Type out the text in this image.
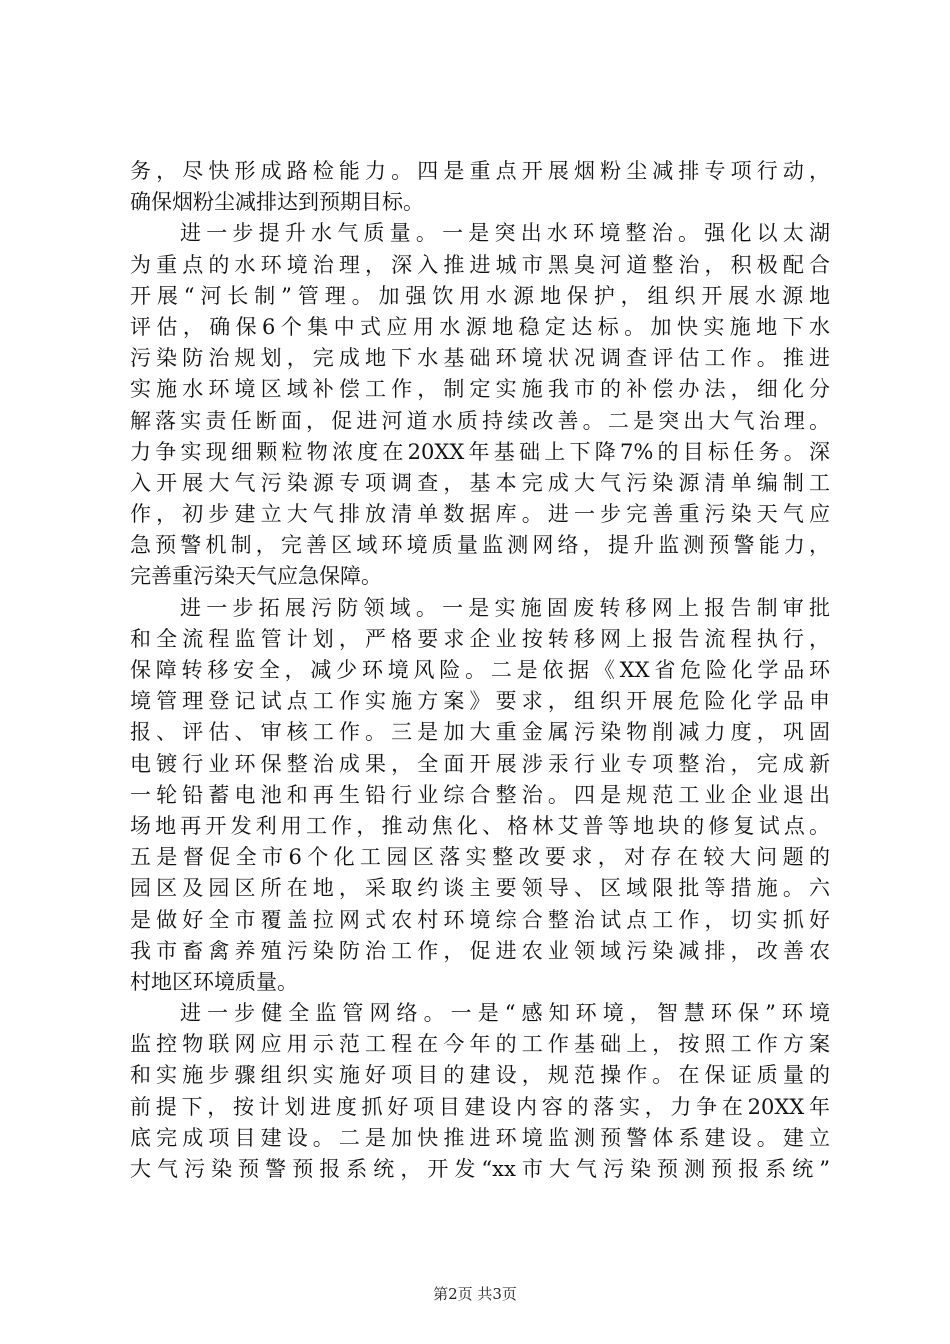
务，尽快形成路检能力。四是重点开展烟粉尘减排专项行动，
确保烟粉尘减排达到预期目标。
进一步提升水气质量。一是突出水环境整治。强化以太湖
为重点的水环境治理，深入推进城市黑臭河道整治，积极配合
开展“河长制”管理。加强饮用水源地保护，组织开展水源地
评估，确保6个集中式应用水源地稳定达标。加快实施地下水
污染防治规划，完成地下水基础环境状况调查评估工作。推进
实施水环境区域补偿工作，制定实施我市的补偿办法，细化分
解落实责任断面，促进河道水质持续改善。二是突出大气治理。
力争实现细颗粒物浓度在20XX年基础上下降7%的目标任务。深
入开展大气污染源专项调查，基本完成大气污染源清单编制工
作，初步建立大气排放清单数据库。进一步完善重污染天气应
急预警机制，完善区域环境质量监测网络，提升监测预警能力，
完善重污染天气应急保障。
进一步拓展污防领域。一是实施固废转移网上报告制审批
和全流程监管计划，严格要求企业按转移网上报告流程执行，
保障转移安全，减少环境风险。二是依据《XX省危险化学品环
境管理登记试点工作实施方案》要求，组织开展危险化学品申
报、评估、审核工作。三是加大重金属污染物削减力度，巩固
电镀行业环保整治成果，全面开展涉汞行业专项整治，完成新
一轮铅蓄电池和再生铅行业综合整治。四是规范工业企业退出
场地再开发利用工作，推动焦化、格林艾普等地块的修复试点。
五是督促全市6个化工园区落实整改要求，对存在较大问题的
园区及园区所在地，采取约谈主要领导、区域限批等措施。六
是做好全市覆盖拉网式农村环境综合整治试点工作，切实抓好
我市畜禽养殖污染防治工作，促进农业领域污染减排，改善农
村地区环境质量。
进一步健全监管网络。一是“感知环境，智慧环保”环境
监控物联网应用示范工程在今年的工作基础上，按照工作方案
和实施步骤组织实施好项目的建设，规范操作。在保证质量的
前提下，按计划进度抓好项目建设内容的落实，力争在20XX年
底完成项目建设。二是加快推进环境监测预警体系建设。建立
大气污染预警预报系统，开发“xx市大气污染预测预报系统”
第2页 共3页
